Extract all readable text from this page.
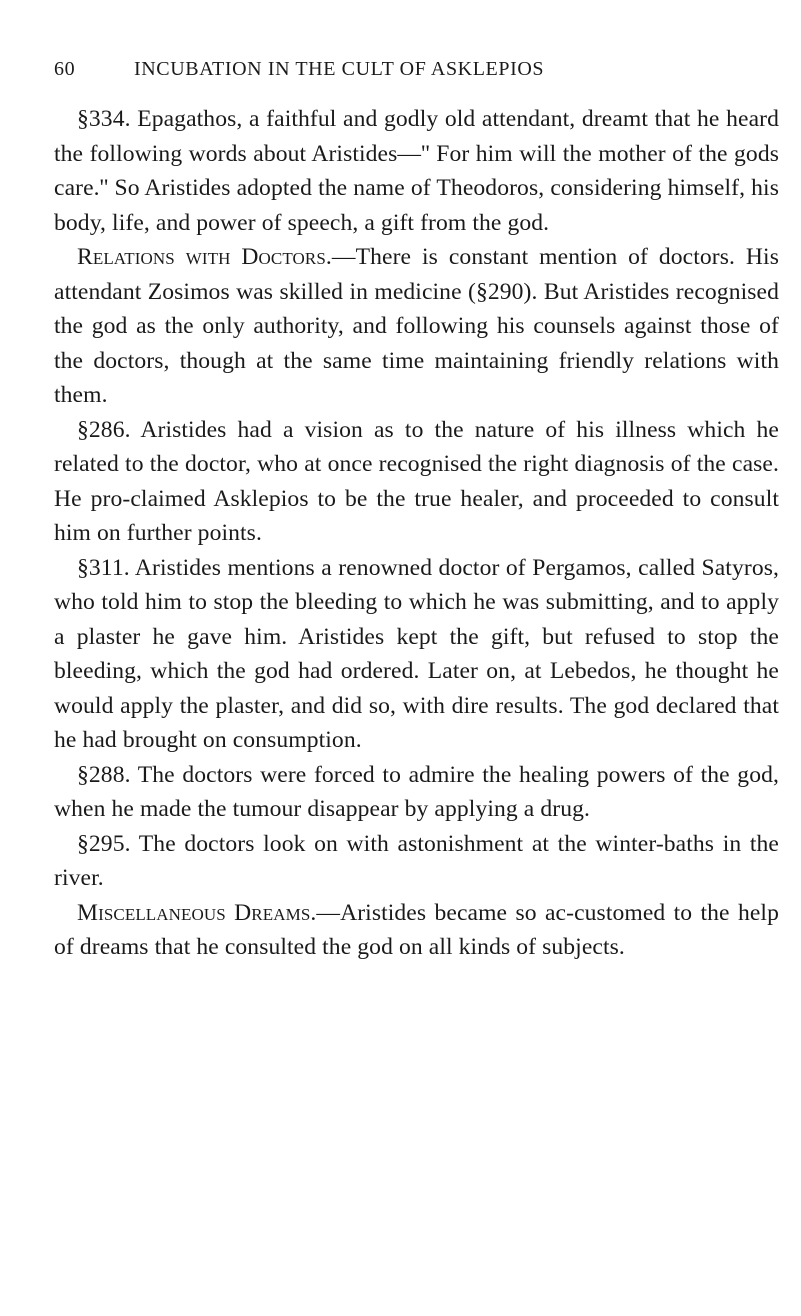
60	INCUBATION IN THE CULT OF ASKLEPIOS

§334. Epagathos, a faithful and godly old attendant, dreamt that he heard the following words about Aristides—'' For him will the mother of the gods care.'' So Aristides adopted the name of Theodoros, considering himself, his body, life, and power of speech, a gift from the god.

Relations with Doctors.—There is constant mention of doctors. His attendant Zosimos was skilled in medicine (§290). But Aristides recognised the god as the only authority, and following his counsels against those of the doctors, though at the same time maintaining friendly relations with them.

§286. Aristides had a vision as to the nature of his illness which he related to the doctor, who at once recognised the right diagnosis of the case. He pro-claimed Asklepios to be the true healer, and proceeded to consult him on further points.

§311. Aristides mentions a renowned doctor of Pergamos, called Satyros, who told him to stop the bleeding to which he was submitting, and to apply a plaster he gave him. Aristides kept the gift, but refused to stop the bleeding, which the god had ordered. Later on, at Lebedos, he thought he would apply the plaster, and did so, with dire results. The god declared that he had brought on consumption.

§288. The doctors were forced to admire the healing powers of the god, when he made the tumour disappear by applying a drug.

§295. The doctors look on with astonishment at the winter-baths in the river.

Miscellaneous Dreams.—Aristides became so ac-customed to the help of dreams that he consulted the god on all kinds of subjects.
